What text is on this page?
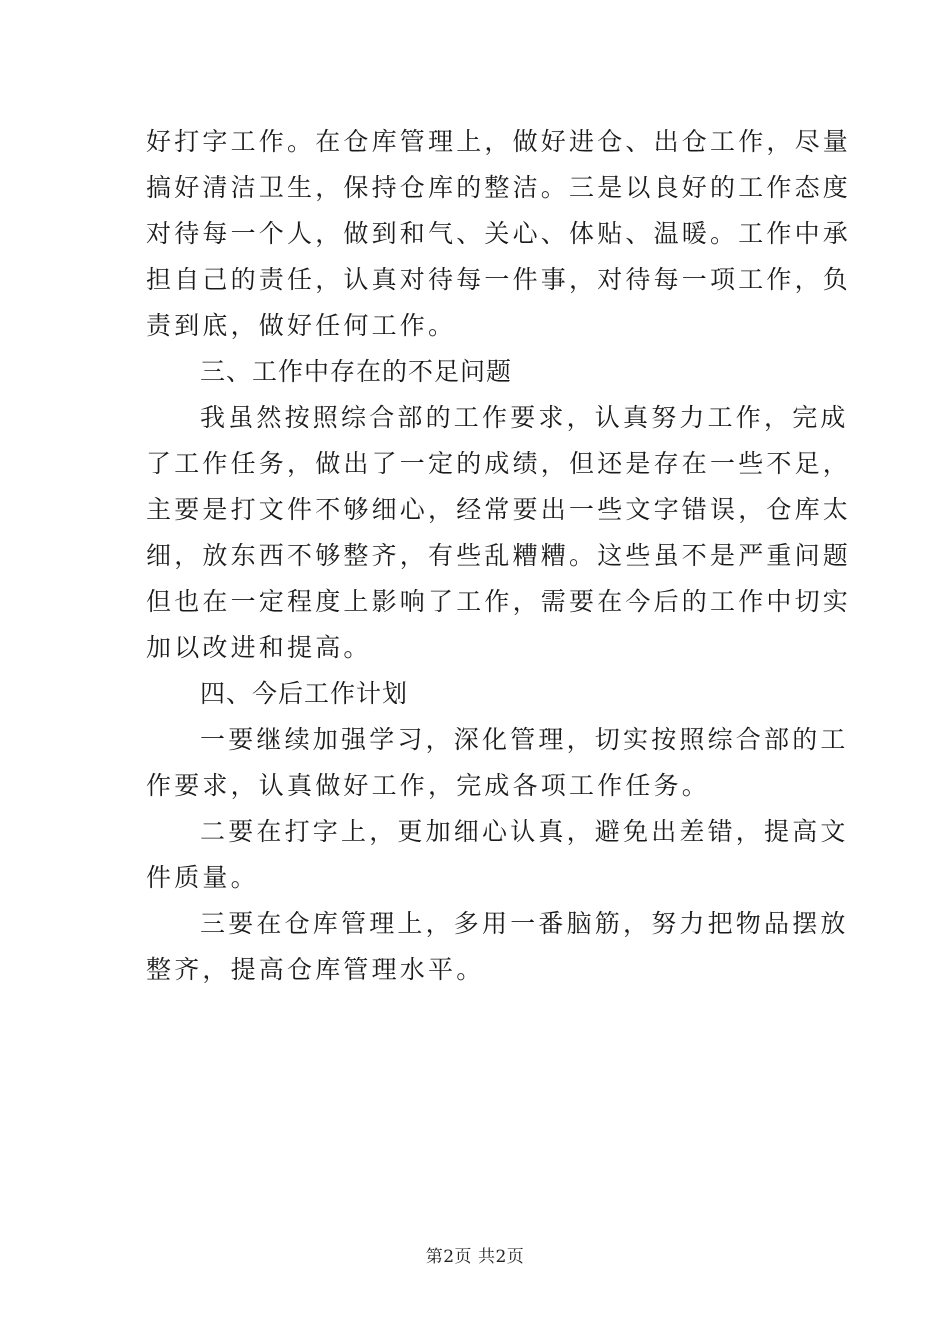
好打字工作。在仓库管理上，做好进仓、出仓工作，尽量
搞好清洁卫生，保持仓库的整洁。三是以良好的工作态度
对待每一个人，做到和气、关心、体贴、温暖。工作中承
担自己的责任，认真对待每一件事，对待每一项工作，负
责到底，做好任何工作。
三、工作中存在的不足问题
我虽然按照综合部的工作要求，认真努力工作，完成
了工作任务，做出了一定的成绩，但还是存在一些不足，
主要是打文件不够细心，经常要出一些文字错误，仓库太
细，放东西不够整齐，有些乱糟糟。这些虽不是严重问题
但也在一定程度上影响了工作，需要在今后的工作中切实
加以改进和提高。
四、今后工作计划
一要继续加强学习，深化管理，切实按照综合部的工
作要求，认真做好工作，完成各项工作任务。
二要在打字上，更加细心认真，避免出差错，提高文
件质量。
三要在仓库管理上，多用一番脑筋，努力把物品摆放
整齐，提高仓库管理水平。
第2页 共2页
